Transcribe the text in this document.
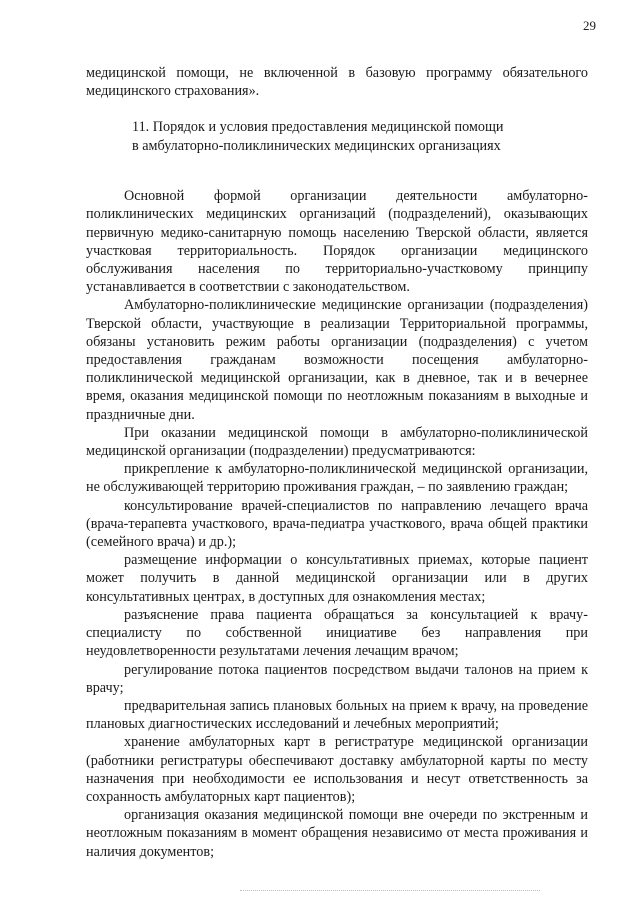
29

медицинской помощи, не включенной в базовую программу обязательного медицинского страхования».

11. Порядок и условия предоставления медицинской помощи
в амбулаторно-поликлинических медицинских организациях

Основной формой организации деятельности амбулаторно-поликлинических медицинских организаций (подразделений), оказывающих первичную медико-санитарную помощь населению Тверской области, является участковая территориальность. Порядок организации медицинского обслуживания населения по территориально-участковому принципу устанавливается в соответствии с законодательством.

Амбулаторно-поликлинические медицинские организации (подразделения) Тверской области, участвующие в реализации Территориальной программы, обязаны установить режим работы организации (подразделения) с учетом предоставления гражданам возможности посещения амбулаторно-поликлинической медицинской организации, как в дневное, так и в вечернее время, оказания медицинской помощи по неотложным показаниям в выходные и праздничные дни.

При оказании медицинской помощи в амбулаторно-поликлинической медицинской организации (подразделении) предусматриваются:

прикрепление к амбулаторно-поликлинической медицинской организации, не обслуживающей территорию проживания граждан, – по заявлению граждан;

консультирование врачей-специалистов по направлению лечащего врача (врача-терапевта участкового, врача-педиатра участкового, врача общей практики (семейного врача) и др.);

размещение информации о консультативных приемах, которые пациент может получить в данной медицинской организации или в других консультативных центрах, в доступных для ознакомления местах;

разъяснение права пациента обращаться за консультацией к врачу-специалисту по собственной инициативе без направления при неудовлетворенности результатами лечения лечащим врачом;

регулирование потока пациентов посредством выдачи талонов на прием к врачу;

предварительная запись плановых больных на прием к врачу, на проведение плановых диагностических исследований и лечебных мероприятий;

хранение амбулаторных карт в регистратуре медицинской организации (работники регистратуры обеспечивают доставку амбулаторной карты по месту назначения при необходимости ее использования и несут ответственность за сохранность амбулаторных карт пациентов);

организация оказания медицинской помощи вне очереди по экстренным и неотложным показаниям в момент обращения независимо от места проживания и наличия документов;
